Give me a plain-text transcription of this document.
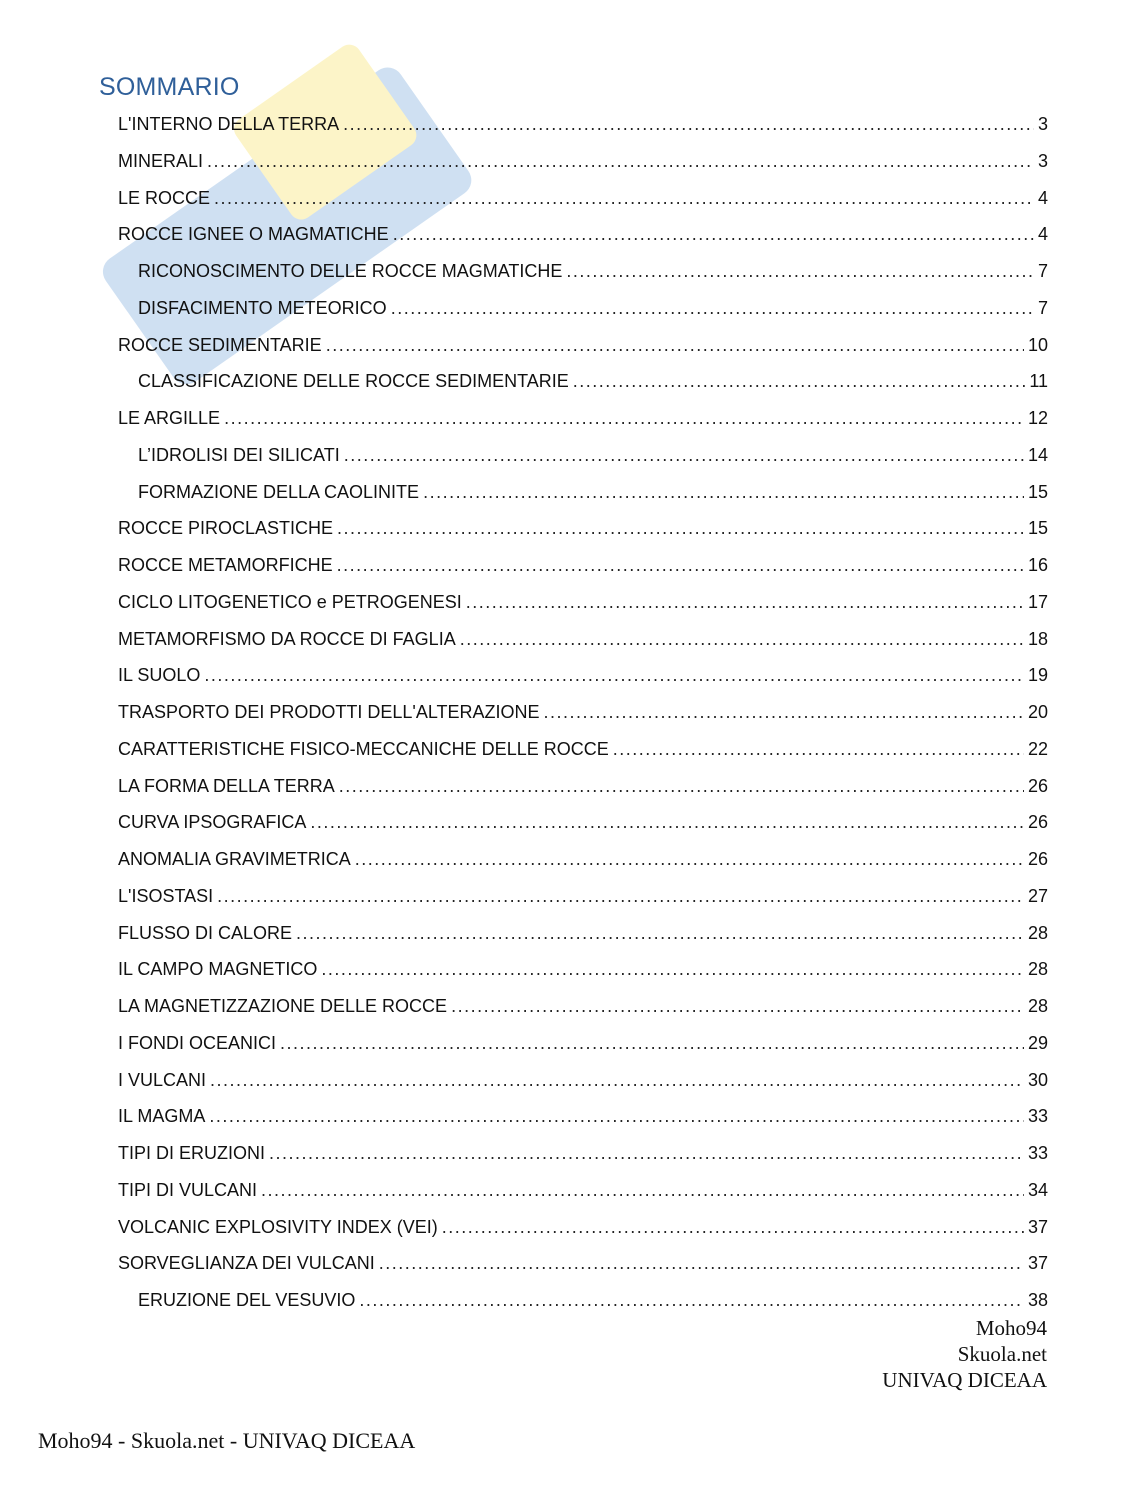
SOMMARIO
L'INTERNO DELLA TERRA .....	3
MINERALI .....	3
LE ROCCE .....	4
ROCCE IGNEE O MAGMATICHE .....	4
RICONOSCIMENTO DELLE ROCCE MAGMATICHE .....	7
DISFACIMENTO METEORICO .....	7
ROCCE SEDIMENTARIE .....	10
CLASSIFICAZIONE DELLE ROCCE SEDIMENTARIE .....	11
LE ARGILLE .....	12
L’IDROLISI DEI SILICATI .....	14
FORMAZIONE DELLA CAOLINITE .....	15
ROCCE PIROCLASTICHE .....	15
ROCCE METAMORFICHE .....	16
CICLO LITOGENETICO e PETROGENESI .....	17
METAMORFISMO DA ROCCE DI FAGLIA .....	18
IL SUOLO .....	19
TRASPORTO DEI PRODOTTI DELL'ALTERAZIONE .....	20
CARATTERISTICHE FISICO-MECCANICHE DELLE ROCCE .....	22
LA FORMA DELLA TERRA .....	26
CURVA IPSOGRAFICA .....	26
ANOMALIA GRAVIMETRICA .....	26
L'ISOSTASI .....	27
FLUSSO DI CALORE .....	28
IL CAMPO MAGNETICO .....	28
LA MAGNETIZZAZIONE DELLE ROCCE .....	28
I FONDI OCEANICI .....	29
I VULCANI .....	30
IL MAGMA .....	33
TIPI DI ERUZIONI .....	33
TIPI DI VULCANI .....	34
VOLCANIC EXPLOSIVITY INDEX (VEI) .....	37
SORVEGLIANZA DEI VULCANI .....	37
ERUZIONE DEL VESUVIO .....	38
Moho94
Skuola.net
UNIVAQ DICEAA
Moho94 - Skuola.net - UNIVAQ DICEAA
